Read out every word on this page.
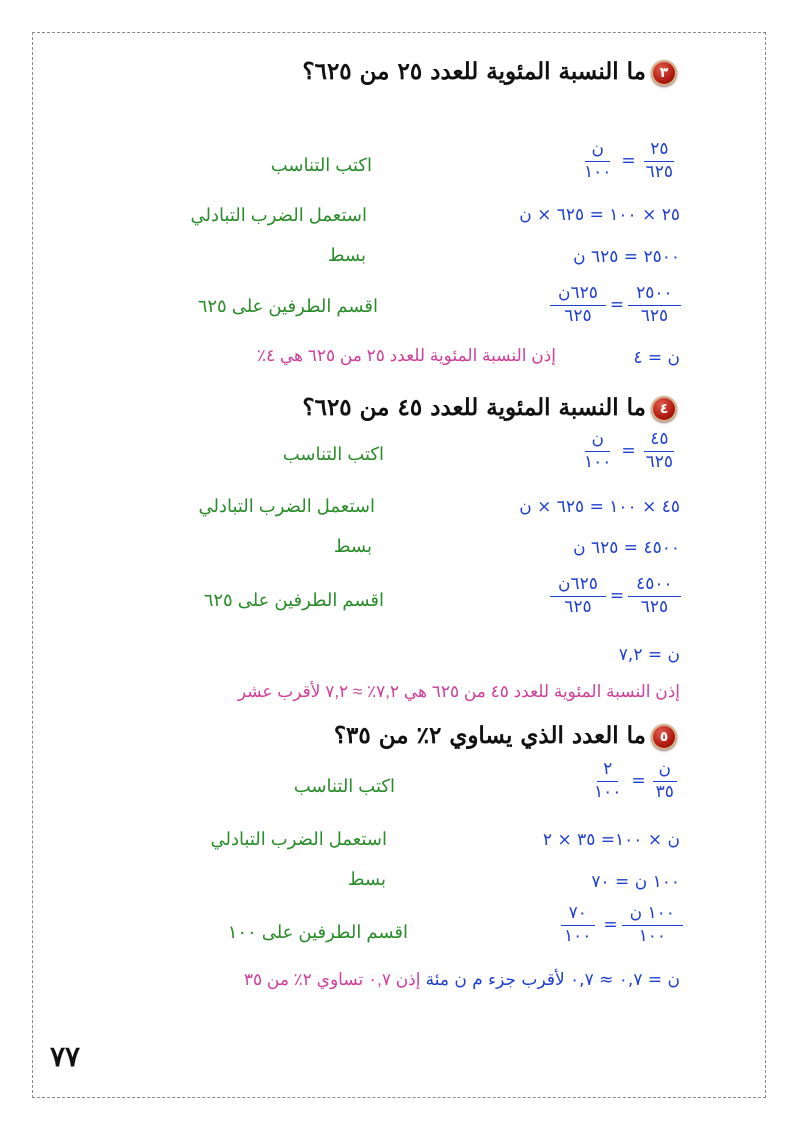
٣
ما النسبة المئوية للعدد ٢٥ من ٦٢٥؟
$\frac{\text{ن}}{١٠٠} = \frac{٢٥}{٦٢٥}$
اكتب التناسب
٢٥ × ١٠٠ = ٦٢٥ × ن
استعمل الضرب التبادلي
٢٥٠٠ = ٦٢٥ ن
بسط
$\frac{\text{٦٢٥ن}}{٦٢٥} = \frac{٢٥٠٠}{٦٢٥}$
اقسم الطرفين على ٦٢٥
ن = ٤
إذن النسبة المئوية للعدد ٢٥ من ٦٢٥ هي ٤٪
٤
ما النسبة المئوية للعدد ٤٥ من ٦٢٥؟
$\frac{\text{ن}}{١٠٠} = \frac{٤٥}{٦٢٥}$
اكتب التناسب
٤٥ × ١٠٠ = ٦٢٥ × ن
استعمل الضرب التبادلي
٤٥٠٠ = ٦٢٥ ن
بسط
$\frac{\text{٦٢٥ن}}{٦٢٥} = \frac{٤٥٠٠}{٦٢٥}$
اقسم الطرفين على ٦٢٥
ن = ٧,٢
إذن النسبة المئوية للعدد ٤٥ من ٦٢٥ هي ٧,٢٪ ≈ ٧,٢ لأقرب عشر
٥
ما العدد الذي يساوي ٢٪ من ٣٥؟
$\frac{٢}{١٠٠} = \frac{\text{ن}}{٣٥}$
اكتب التناسب
ن × ١٠٠= ٣٥ × ٢
استعمل الضرب التبادلي
١٠٠ ن = ٧٠
بسط
$\frac{٧٠}{١٠٠} = \frac{\text{١٠٠ ن}}{١٠٠}$
اقسم الطرفين على ١٠٠
ن = ٠,٧ ≈ ٠,٧ لأقرب جزء م ن مئة إذن ٠,٧ تساوي ٢٪ من ٣٥
٧٧
